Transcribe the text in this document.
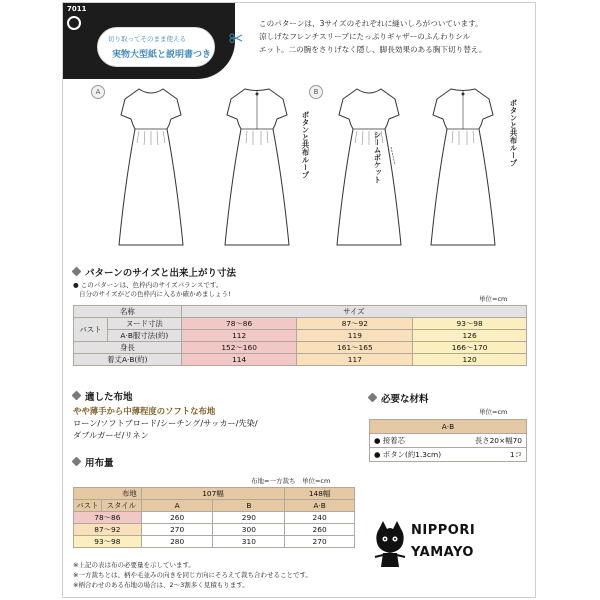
7011
切り取ってそのまま使える
実物大型紙と説明書つき
このパターンは、3サイズのそれぞれに縫いしろがついています。
涼しげなフレンチスリーブにたっぷりギャザーのふんわりシル
エット。二の腕をさりげなく隠し、脚長効果のある胸下切り替え。
A	B
ボタンと共布ループ	シームポケット	ボタンと共布ループ
パターンのサイズと出来上がり寸法
● このパターンは、色枠内のサイズバランスです。
自分のサイズがどの色枠内に入るか確かめましょう!
単位=cm
名称		サイズ		
バスト	ヌード寸法	78〜86	87〜92	93〜98
	A·B服寸法(約)	112	119	126
身長		152〜160	161〜165	166〜170
着丈A·B(約)		114	117	120
適した布地
やや薄手から中薄程度のソフトな布地
ローン/ソフトブロード/シーチング/サッカー/先染/
ダブルガーゼ/リネン
必要な材料
単位=cm
A·B	
● 接着芯	長さ20×幅70
● ボタン(約1.3cm)	1コ
用布量
布地=一方裁ち　単位=cm
布地		107幅		148幅
バスト	スタイル	A	B	A·B
78〜86		260	290	240
87〜92		270	300	260
93〜98		280	310	270
※上記の表は布の必要量を示しています。
※一方裁ちとは、柄や毛並みの向きを同じ方向にそろえて裁ち合わせることです。
※柄合わせのある布地の場合は、2〜3割多く見積もります。
NIPPORI
YAMAYO
